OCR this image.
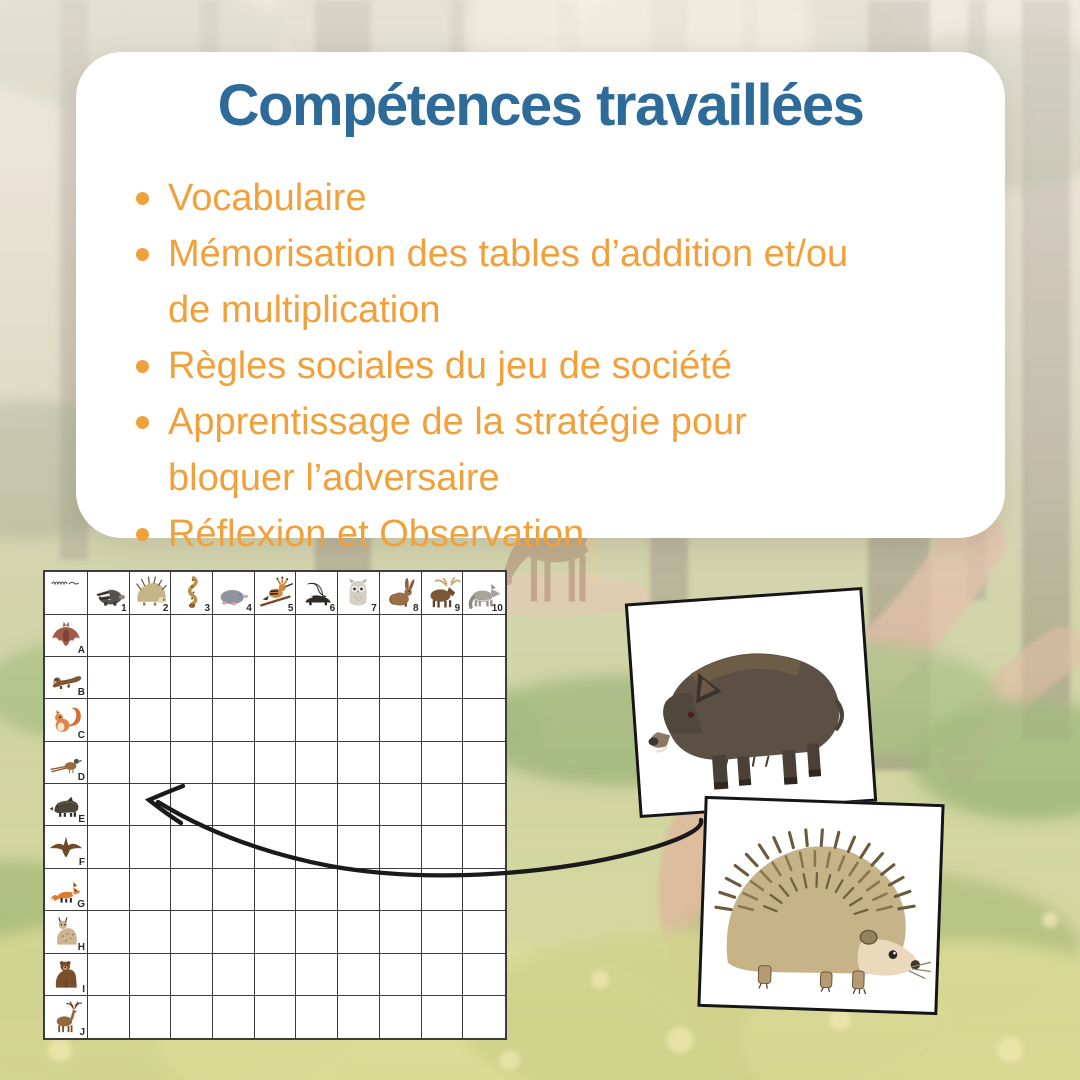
Compétences travaillées
Vocabulaire
Mémorisation des tables d’addition et/ou
de multiplication
Règles sociales du jeu de société
Apprentissage de la stratégie pour
bloquer l’adversaire
Réflexion et Observation
1	2	3	4	5	6	7	8	9	10
A
B
C
D
E
F
G
H
I
J
